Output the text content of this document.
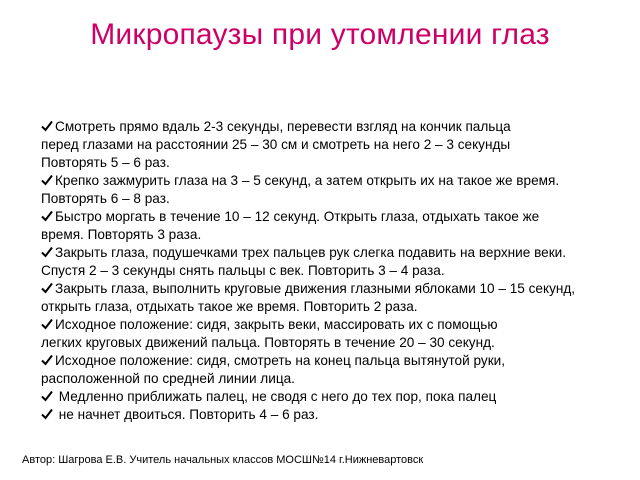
Микропаузы при утомлении глаз
Смотреть прямо вдаль 2-3 секунды, перевести взгляд на кончик пальца
перед глазами на расстоянии 25 – 30 см и смотреть на него 2 – 3 секунды
Повторять 5 – 6 раз.
Крепко зажмурить глаза на 3 – 5 секунд, а затем открыть их на такое же время.
Повторять 6 – 8 раз.
Быстро моргать в течение 10 – 12 секунд. Открыть глаза, отдыхать такое же
время. Повторять 3 раза.
Закрыть глаза, подушечками трех пальцев рук слегка подавить на верхние веки.
Спустя 2 – 3 секунды снять пальцы с век. Повторить 3 – 4 раза.
Закрыть глаза, выполнить круговые движения глазными яблоками 10 – 15 секунд,
открыть глаза, отдыхать такое же время. Повторить 2 раза.
Исходное положение: сидя, закрыть веки, массировать их с помощью
легких круговых движений пальца. Повторять в течение 20 – 30 секунд.
Исходное положение: сидя, смотреть на конец пальца вытянутой руки,
расположенной по средней линии лица.
Медленно приближать палец, не сводя с него до тех пор, пока палец
не начнет двоиться. Повторить 4 – 6 раз.
Автор: Шагрова Е.В. Учитель начальных классов МОСШ№14 г.Нижневартовск
